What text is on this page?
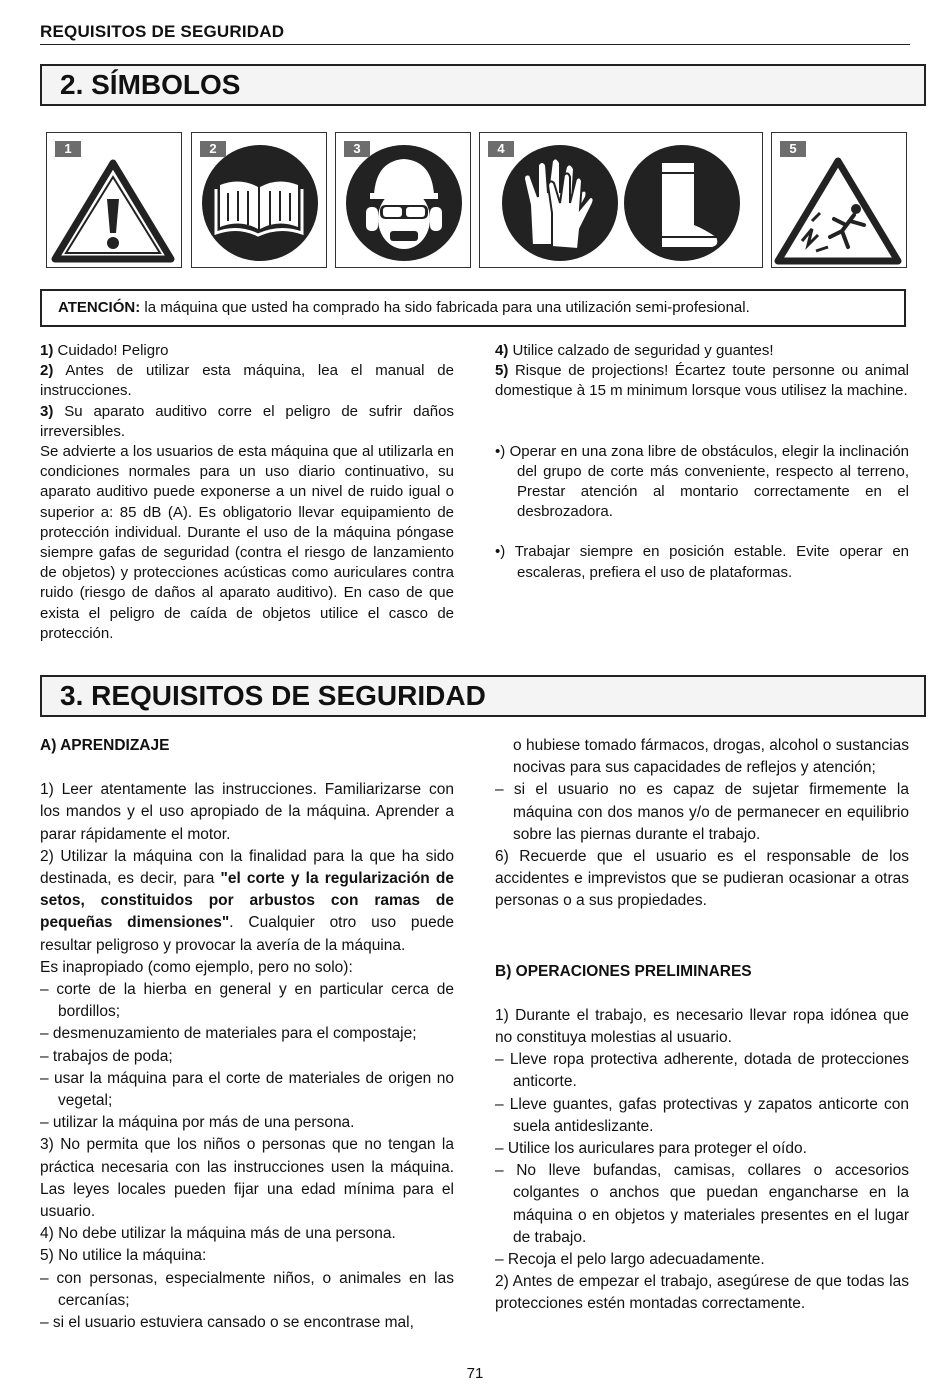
REQUISITOS DE SEGURIDAD
2. SÍMBOLOS
1	2	3	4	5
ATENCIÓN: la máquina que usted ha comprado ha sido fabricada para una utilización semi-profesional.

1) Cuidado! Peligro

2) Antes de utilizar esta máquina, lea el manual de instrucciones.

3) Su aparato auditivo corre el peligro de sufrir daños irreversibles.

Se advierte a los usuarios de esta máquina que al utilizarla en condiciones normales para un uso diario continuativo, su aparato auditivo puede exponerse a un nivel de ruido igual o superior a: 85 dB (A). Es obligatorio llevar equipamiento de protección individual. Durante el uso de la máquina póngase siempre gafas de seguridad (contra el riesgo de lanzamiento de objetos) y protecciones acústicas como auriculares contra ruido (riesgo de daños al aparato auditivo). En caso de que exista el peligro de caída de objetos utilice el casco de protección.

4) Utilice calzado de seguridad y guantes!

5) Risque de projections! Écartez toute personne ou animal domestique à 15 m minimum lorsque vous utilisez la machine.

•) Operar en una zona libre de obstáculos, elegir la inclinación del grupo de corte más conveniente, respecto al terreno, Prestar atención al montario correctamente en el desbrozadora.

•) Trabajar siempre en posición estable. Evite operar en escaleras, prefiera el uso de plataformas.

3. REQUISITOS DE SEGURIDAD

A) APRENDIZAJE

1) Leer atentamente las instrucciones. Familiarizarse con los mandos y el uso apropiado de la máquina. Aprender a parar rápidamente el motor.

2) Utilizar la máquina con la finalidad para la que ha sido destinada, es decir, para "el corte y la regularización de setos, constituidos por arbustos con ramas de pequeñas dimensiones". Cualquier otro uso puede resultar peligroso y provocar la avería de la máquina.

Es inapropiado (como ejemplo, pero no solo):

– corte de la hierba en general y en particular cerca de bordillos;

– desmenuzamiento de materiales para el compostaje;

– trabajos de poda;

– usar la máquina para el corte de materiales de origen no vegetal;

– utilizar la máquina por más de una persona.

3) No permita que los niños o personas que no tengan la práctica necesaria con las instrucciones usen la máquina. Las leyes locales pueden fijar una edad mínima para el usuario.

4) No debe utilizar la máquina más de una persona.

5) No utilice la máquina:

– con personas, especialmente niños, o animales en las cercanías;

– si el usuario estuviera cansado o se encontrase mal,

o hubiese tomado fármacos, drogas, alcohol o sustancias nocivas para sus capacidades de reflejos y atención;

– si el usuario no es capaz de sujetar firmemente la máquina con dos manos y/o de permanecer en equilibrio sobre las piernas durante el trabajo.

6) Recuerde que el usuario es el responsable de los accidentes e imprevistos que se pudieran ocasionar a otras personas o a sus propiedades.

B) OPERACIONES PRELIMINARES

1) Durante el trabajo, es necesario llevar ropa idónea que no constituya molestias al usuario.

– Lleve ropa protectiva adherente, dotada de protecciones anticorte.

– Lleve guantes, gafas protectivas y zapatos anticorte con suela antideslizante.

– Utilice los auriculares para proteger el oído.

– No lleve bufandas, camisas, collares o accesorios colgantes o anchos que puedan engancharse en la máquina o en objetos y materiales presentes en el lugar de trabajo.

– Recoja el pelo largo adecuadamente.

2) Antes de empezar el trabajo, asegúrese de que todas las protecciones estén montadas correctamente.

71
